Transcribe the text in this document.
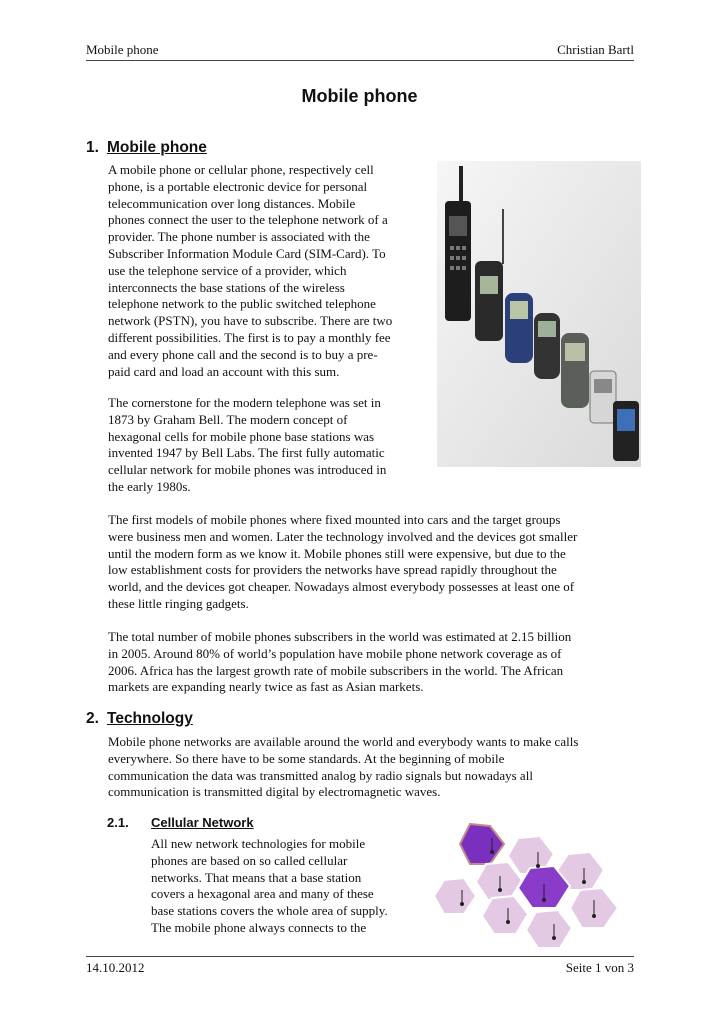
Mobile phone	Christian Bartl
Mobile phone
1. Mobile phone
A mobile phone or cellular phone, respectively cell
phone, is a portable electronic device for personal
telecommunication over long distances. Mobile
phones connect the user to the telephone network of a
provider. The phone number is associated with the
Subscriber Information Module Card (SIM-Card). To
use the telephone service of a provider, which
interconnects the base stations of the wireless
telephone network to the public switched telephone
network (PSTN), you have to subscribe. There are two
different possibilities. The first is to pay a monthly fee
and every phone call and the second is to buy a pre-
paid card and load an account with this sum.
The cornerstone for the modern telephone was set in
1873 by Graham Bell. The modern concept of
hexagonal cells for mobile phone base stations was
invented 1947 by Bell Labs. The first fully automatic
cellular network for mobile phones was introduced in
the early 1980s.
The first models of mobile phones where fixed mounted into cars and the target groups
were business men and women. Later the technology involved and the devices got smaller
until the modern form as we know it. Mobile phones still were expensive, but due to the
low establishment costs for providers the networks have spread rapidly throughout the
world, and the devices got cheaper. Nowadays almost everybody possesses at least one of
these little ringing gadgets.
The total number of mobile phones subscribers in the world was estimated at 2.15 billion
in 2005. Around 80% of world’s population have mobile phone network coverage as of
2006. Africa has the largest growth rate of mobile subscribers in the world. The African
markets are expanding nearly twice as fast as Asian markets.
2. Technology
Mobile phone networks are available around the world and everybody wants to make calls
everywhere. So there have to be some standards. At the beginning of mobile
communication the data was transmitted analog by radio signals but nowadays all
communication is transmitted digital by electromagnetic waves.
2.1. Cellular Network
All new network technologies for mobile
phones are based on so called cellular
networks. That means that a base station
covers a hexagonal area and many of these
base stations covers the whole area of supply.
The mobile phone always connects to the
14.10.2012	Seite 1 von 3
